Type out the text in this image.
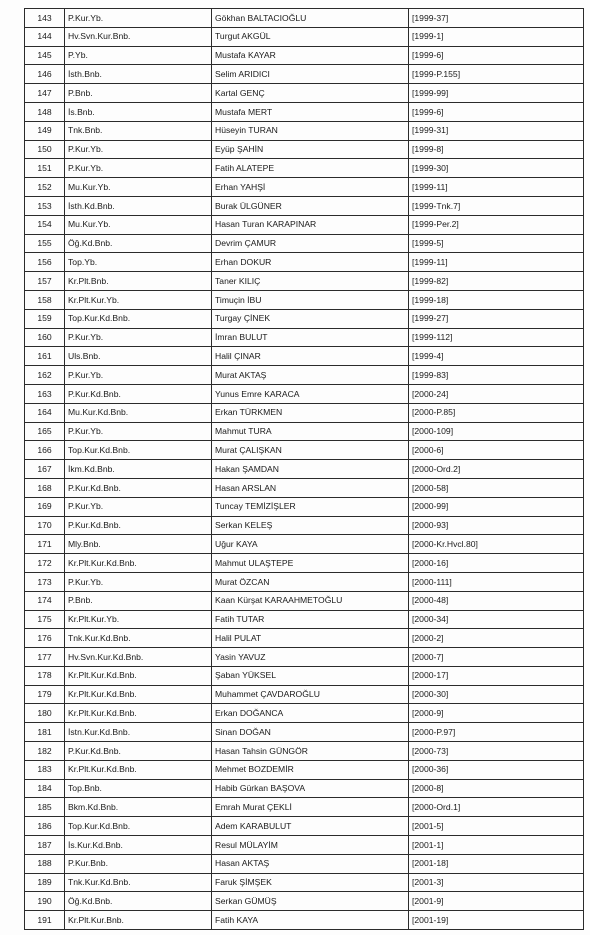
143	P.Kur.Yb.	Gökhan BALTACIOĞLU	[1999-37]
144	Hv.Svn.Kur.Bnb.	Turgut AKGÜL	[1999-1]
145	P.Yb.	Mustafa KAYAR	[1999-6]
146	İsth.Bnb.	Selim ARIDICI	[1999-P.155]
147	P.Bnb.	Kartal GENÇ	[1999-99]
148	İs.Bnb.	Mustafa MERT	[1999-6]
149	Tnk.Bnb.	Hüseyin TURAN	[1999-31]
150	P.Kur.Yb.	Eyüp ŞAHİN	[1999-8]
151	P.Kur.Yb.	Fatih ALATEPE	[1999-30]
152	Mu.Kur.Yb.	Erhan YAHŞİ	[1999-11]
153	İsth.Kd.Bnb.	Burak ÜLGÜNER	[1999-Tnk.7]
154	Mu.Kur.Yb.	Hasan Turan KARAPINAR	[1999-Per.2]
155	Öğ.Kd.Bnb.	Devrim ÇAMUR	[1999-5]
156	Top.Yb.	Erhan DOKUR	[1999-11]
157	Kr.Plt.Bnb.	Taner KILIÇ	[1999-82]
158	Kr.Plt.Kur.Yb.	Timuçin İBU	[1999-18]
159	Top.Kur.Kd.Bnb.	Turgay ÇİNEK	[1999-27]
160	P.Kur.Yb.	İmran BULUT	[1999-112]
161	Uls.Bnb.	Halil ÇINAR	[1999-4]
162	P.Kur.Yb.	Murat AKTAŞ	[1999-83]
163	P.Kur.Kd.Bnb.	Yunus Emre KARACA	[2000-24]
164	Mu.Kur.Kd.Bnb.	Erkan TÜRKMEN	[2000-P.85]
165	P.Kur.Yb.	Mahmut TURA	[2000-109]
166	Top.Kur.Kd.Bnb.	Murat ÇALIŞKAN	[2000-6]
167	İkm.Kd.Bnb.	Hakan ŞAMDAN	[2000-Ord.2]
168	P.Kur.Kd.Bnb.	Hasan ARSLAN	[2000-58]
169	P.Kur.Yb.	Tuncay TEMİZİŞLER	[2000-99]
170	P.Kur.Kd.Bnb.	Serkan KELEŞ	[2000-93]
171	Mly.Bnb.	Uğur KAYA	[2000-Kr.Hvcl.80]
172	Kr.Plt.Kur.Kd.Bnb.	Mahmut ULAŞTEPE	[2000-16]
173	P.Kur.Yb.	Murat ÖZCAN	[2000-111]
174	P.Bnb.	Kaan Kürşat KARAAHMETOĞLU	[2000-48]
175	Kr.Plt.Kur.Yb.	Fatih TUTAR	[2000-34]
176	Tnk.Kur.Kd.Bnb.	Halil PULAT	[2000-2]
177	Hv.Svn.Kur.Kd.Bnb.	Yasin YAVUZ	[2000-7]
178	Kr.Plt.Kur.Kd.Bnb.	Şaban YÜKSEL	[2000-17]
179	Kr.Plt.Kur.Kd.Bnb.	Muhammet ÇAVDAROĞLU	[2000-30]
180	Kr.Plt.Kur.Kd.Bnb.	Erkan DOĞANCA	[2000-9]
181	İstn.Kur.Kd.Bnb.	Sinan DOĞAN	[2000-P.97]
182	P.Kur.Kd.Bnb.	Hasan Tahsin GÜNGÖR	[2000-73]
183	Kr.Plt.Kur.Kd.Bnb.	Mehmet BOZDEMİR	[2000-36]
184	Top.Bnb.	Habib Gürkan BAŞOVA	[2000-8]
185	Bkm.Kd.Bnb.	Emrah Murat ÇEKLİ	[2000-Ord.1]
186	Top.Kur.Kd.Bnb.	Adem KARABULUT	[2001-5]
187	İs.Kur.Kd.Bnb.	Resul MÜLAYİM	[2001-1]
188	P.Kur.Bnb.	Hasan AKTAŞ	[2001-18]
189	Tnk.Kur.Kd.Bnb.	Faruk ŞİMŞEK	[2001-3]
190	Öğ.Kd.Bnb.	Serkan GÜMÜŞ	[2001-9]
191	Kr.Plt.Kur.Bnb.	Fatih KAYA	[2001-19]
